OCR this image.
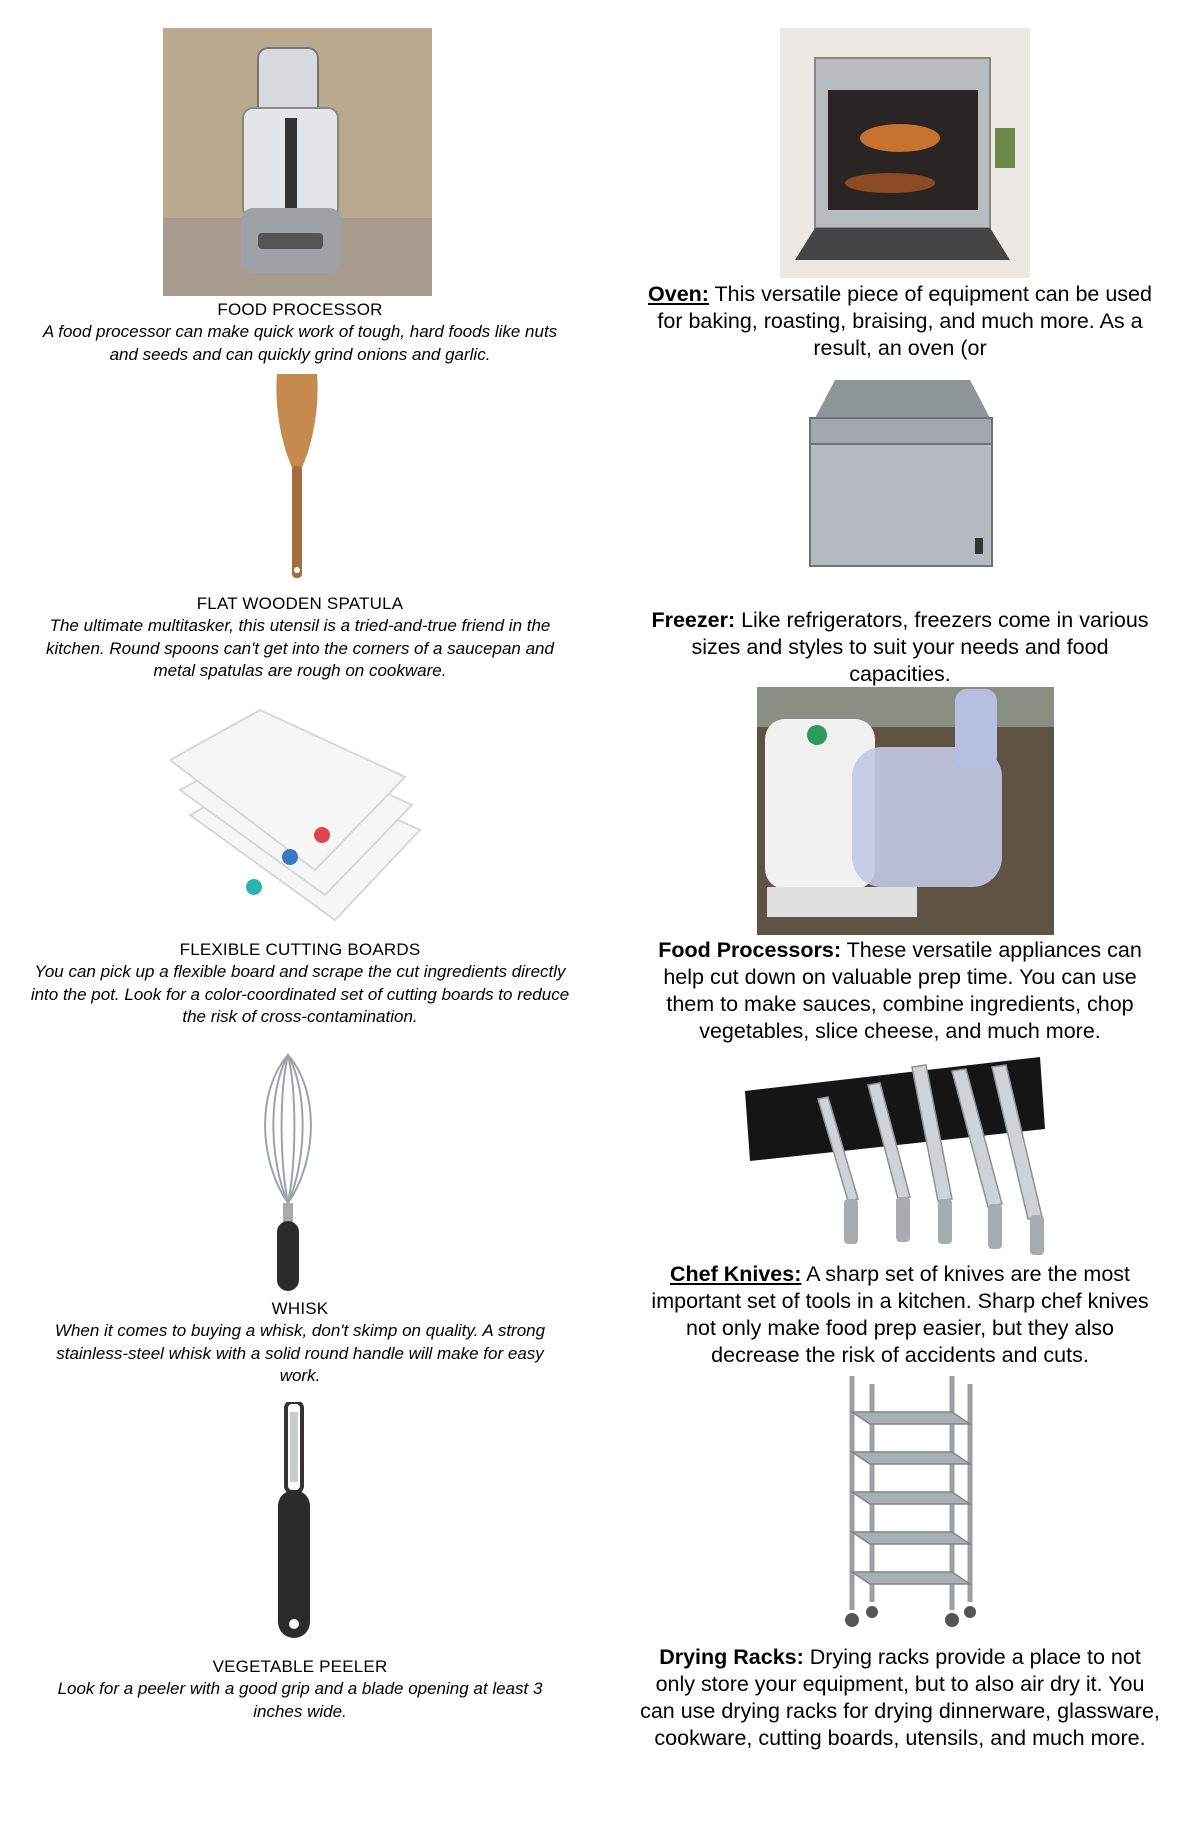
FOOD PROCESSOR
A food processor can make quick work of tough, hard foods like nuts and seeds and can quickly grind onions and garlic.
FLAT WOODEN SPATULA
The ultimate multitasker, this utensil is a tried-and-true friend in the kitchen. Round spoons can't get into the corners of a saucepan and metal spatulas are rough on cookware.
FLEXIBLE CUTTING BOARDS
You can pick up a flexible board and scrape the cut ingredients directly into the pot. Look for a color-coordinated set of cutting boards to reduce the risk of cross-contamination.
WHISK
When it comes to buying a whisk, don't skimp on quality. A strong stainless-steel whisk with a solid round handle will make for easy work.
VEGETABLE PEELER
Look for a peeler with a good grip and a blade opening at least 3 inches wide.
Oven: This versatile piece of equipment can be used for baking, roasting, braising, and much more. As a result, an oven (or
Freezer: Like refrigerators, freezers come in various sizes and styles to suit your needs and food capacities.
Food Processors: These versatile appliances can help cut down on valuable prep time. You can use them to make sauces, combine ingredients, chop vegetables, slice cheese, and much more.
Chef Knives: A sharp set of knives are the most important set of tools in a kitchen. Sharp chef knives not only make food prep easier, but they also decrease the risk of accidents and cuts.
Drying Racks: Drying racks provide a place to not only store your equipment, but to also air dry it. You can use drying racks for drying dinnerware, glassware, cookware, cutting boards, utensils, and much more.
